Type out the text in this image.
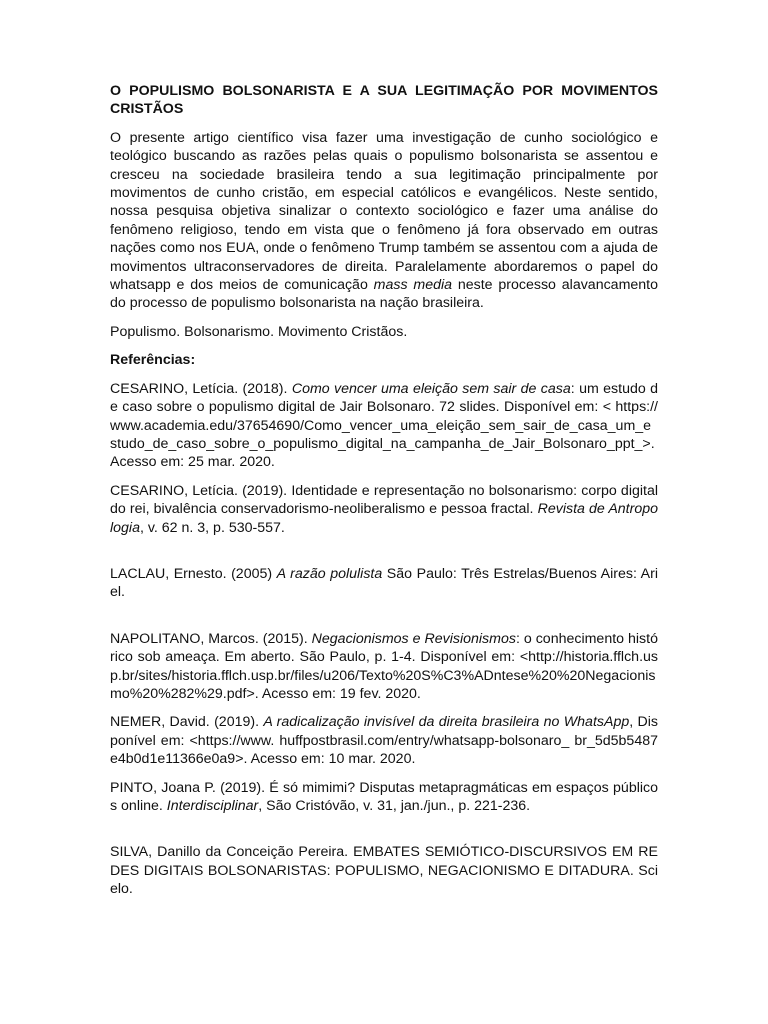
O POPULISMO BOLSONARISTA E A SUA LEGITIMAÇÃO POR MOVIMENTOS CRISTÃOS

O presente artigo científico visa fazer uma investigação de cunho sociológico e teológico buscando as razões pelas quais o populismo bolsonarista se assentou e cresceu na sociedade brasileira tendo a sua legitimação principalmente por movimentos de cunho cristão, em especial católicos e evangélicos. Neste sentido, nossa pesquisa objetiva sinalizar o contexto sociológico e fazer uma análise do fenômeno religioso, tendo em vista que o fenômeno já fora observado em outras nações como nos EUA, onde o fenômeno Trump também se assentou com a ajuda de movimentos ultraconservadores de direita. Paralelamente abordaremos o papel do whatsapp e dos meios de comunicação mass media neste processo alavancamento do processo de populismo bolsonarista na nação brasileira.

Populismo. Bolsonarismo. Movimento Cristãos.

Referências:

CESARINO, Letícia. (2018). Como vencer uma eleição sem sair de casa: um estudo de caso sobre o populismo digital de Jair Bolsonaro. 72 slides. Disponível em: < https://www.academia.edu/37654690/Como_vencer_uma_eleição_sem_sair_de_casa_um_estudo_de_caso_sobre_o_populismo_digital_na_campanha_de_Jair_Bolsonaro_ppt_>. Acesso em: 25 mar. 2020.

CESARINO, Letícia. (2019). Identidade e representação no bolsonarismo: corpo digital do rei, bivalência conservadorismo-neoliberalismo e pessoa fractal. Revista de Antropologia, v. 62 n. 3, p. 530-557.

LACLAU, Ernesto. (2005) A razão polulista São Paulo: Três Estrelas/Buenos Aires: Ariel.

NAPOLITANO, Marcos. (2015). Negacionismos e Revisionismos: o conhecimento histórico sob ameaça. Em aberto. São Paulo, p. 1-4. Disponível em: <http://historia.fflch.usp.br/sites/historia.fflch.usp.br/files/u206/Texto%20S%C3%ADntese%20%20Negacionismo%20%282%29.pdf>. Acesso em: 19 fev. 2020.

NEMER, David. (2019). A radicalização invisível da direita brasileira no WhatsApp, Disponível em: <https://www. huffpostbrasil.com/entry/whatsapp-bolsonaro_ br_5d5b5487e4b0d1e11366e0a9>. Acesso em: 10 mar. 2020.

PINTO, Joana P. (2019). É só mimimi? Disputas metapragmáticas em espaços públicos online. Interdisciplinar, São Cristóvão, v. 31, jan./jun., p. 221-236.

SILVA, Danillo da Conceição Pereira. EMBATES SEMIÓTICO-DISCURSIVOS EM REDES DIGITAIS BOLSONARISTAS: POPULISMO, NEGACIONISMO E DITADURA. Scielo.
